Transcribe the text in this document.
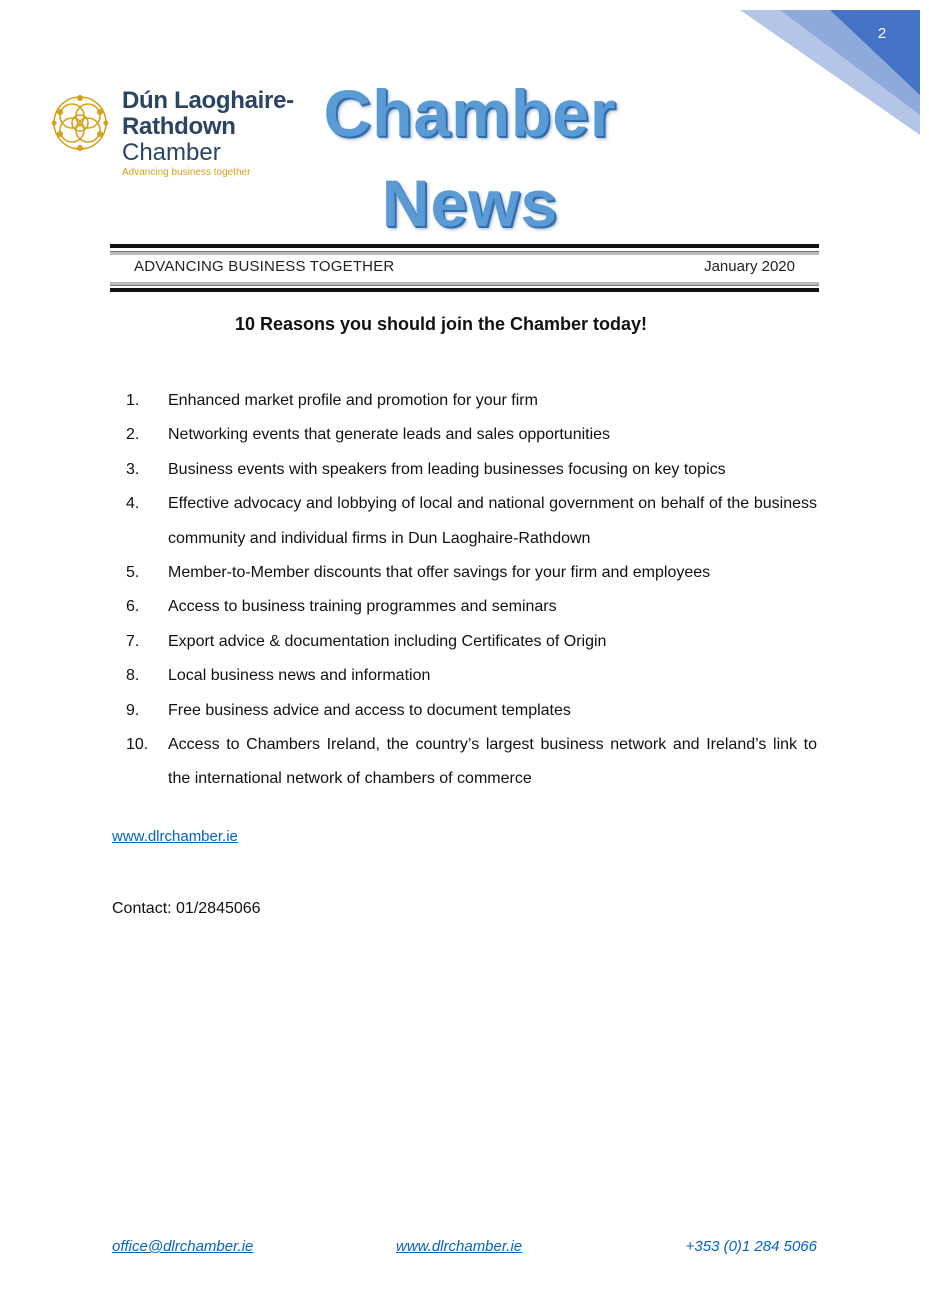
2
Dún Laoghaire-
Rathdown
Chamber
Advancing business together
Chamber
News
ADVANCING BUSINESS TOGETHER	January 2020
10 Reasons you should join the Chamber today!
1.	Enhanced market profile and promotion for your firm
2.	Networking events that generate leads and sales opportunities
3.	Business events with speakers from leading businesses focusing on key topics
4.	Effective advocacy and lobbying of local and national government on behalf of the business community and individual firms in Dun Laoghaire-Rathdown
5.	Member-to-Member discounts that offer savings for your firm and employees
6.	Access to business training programmes and seminars
7.	Export advice & documentation including Certificates of Origin
8.	Local business news and information
9.	Free business advice and access to document templates
10.	Access to Chambers Ireland, the country’s largest business network and Ireland’s link to the international network of chambers of commerce
www.dlrchamber.ie
Contact: 01/2845066
office@dlrchamber.ie	www.dlrchamber.ie	+353 (0)1 284 5066
